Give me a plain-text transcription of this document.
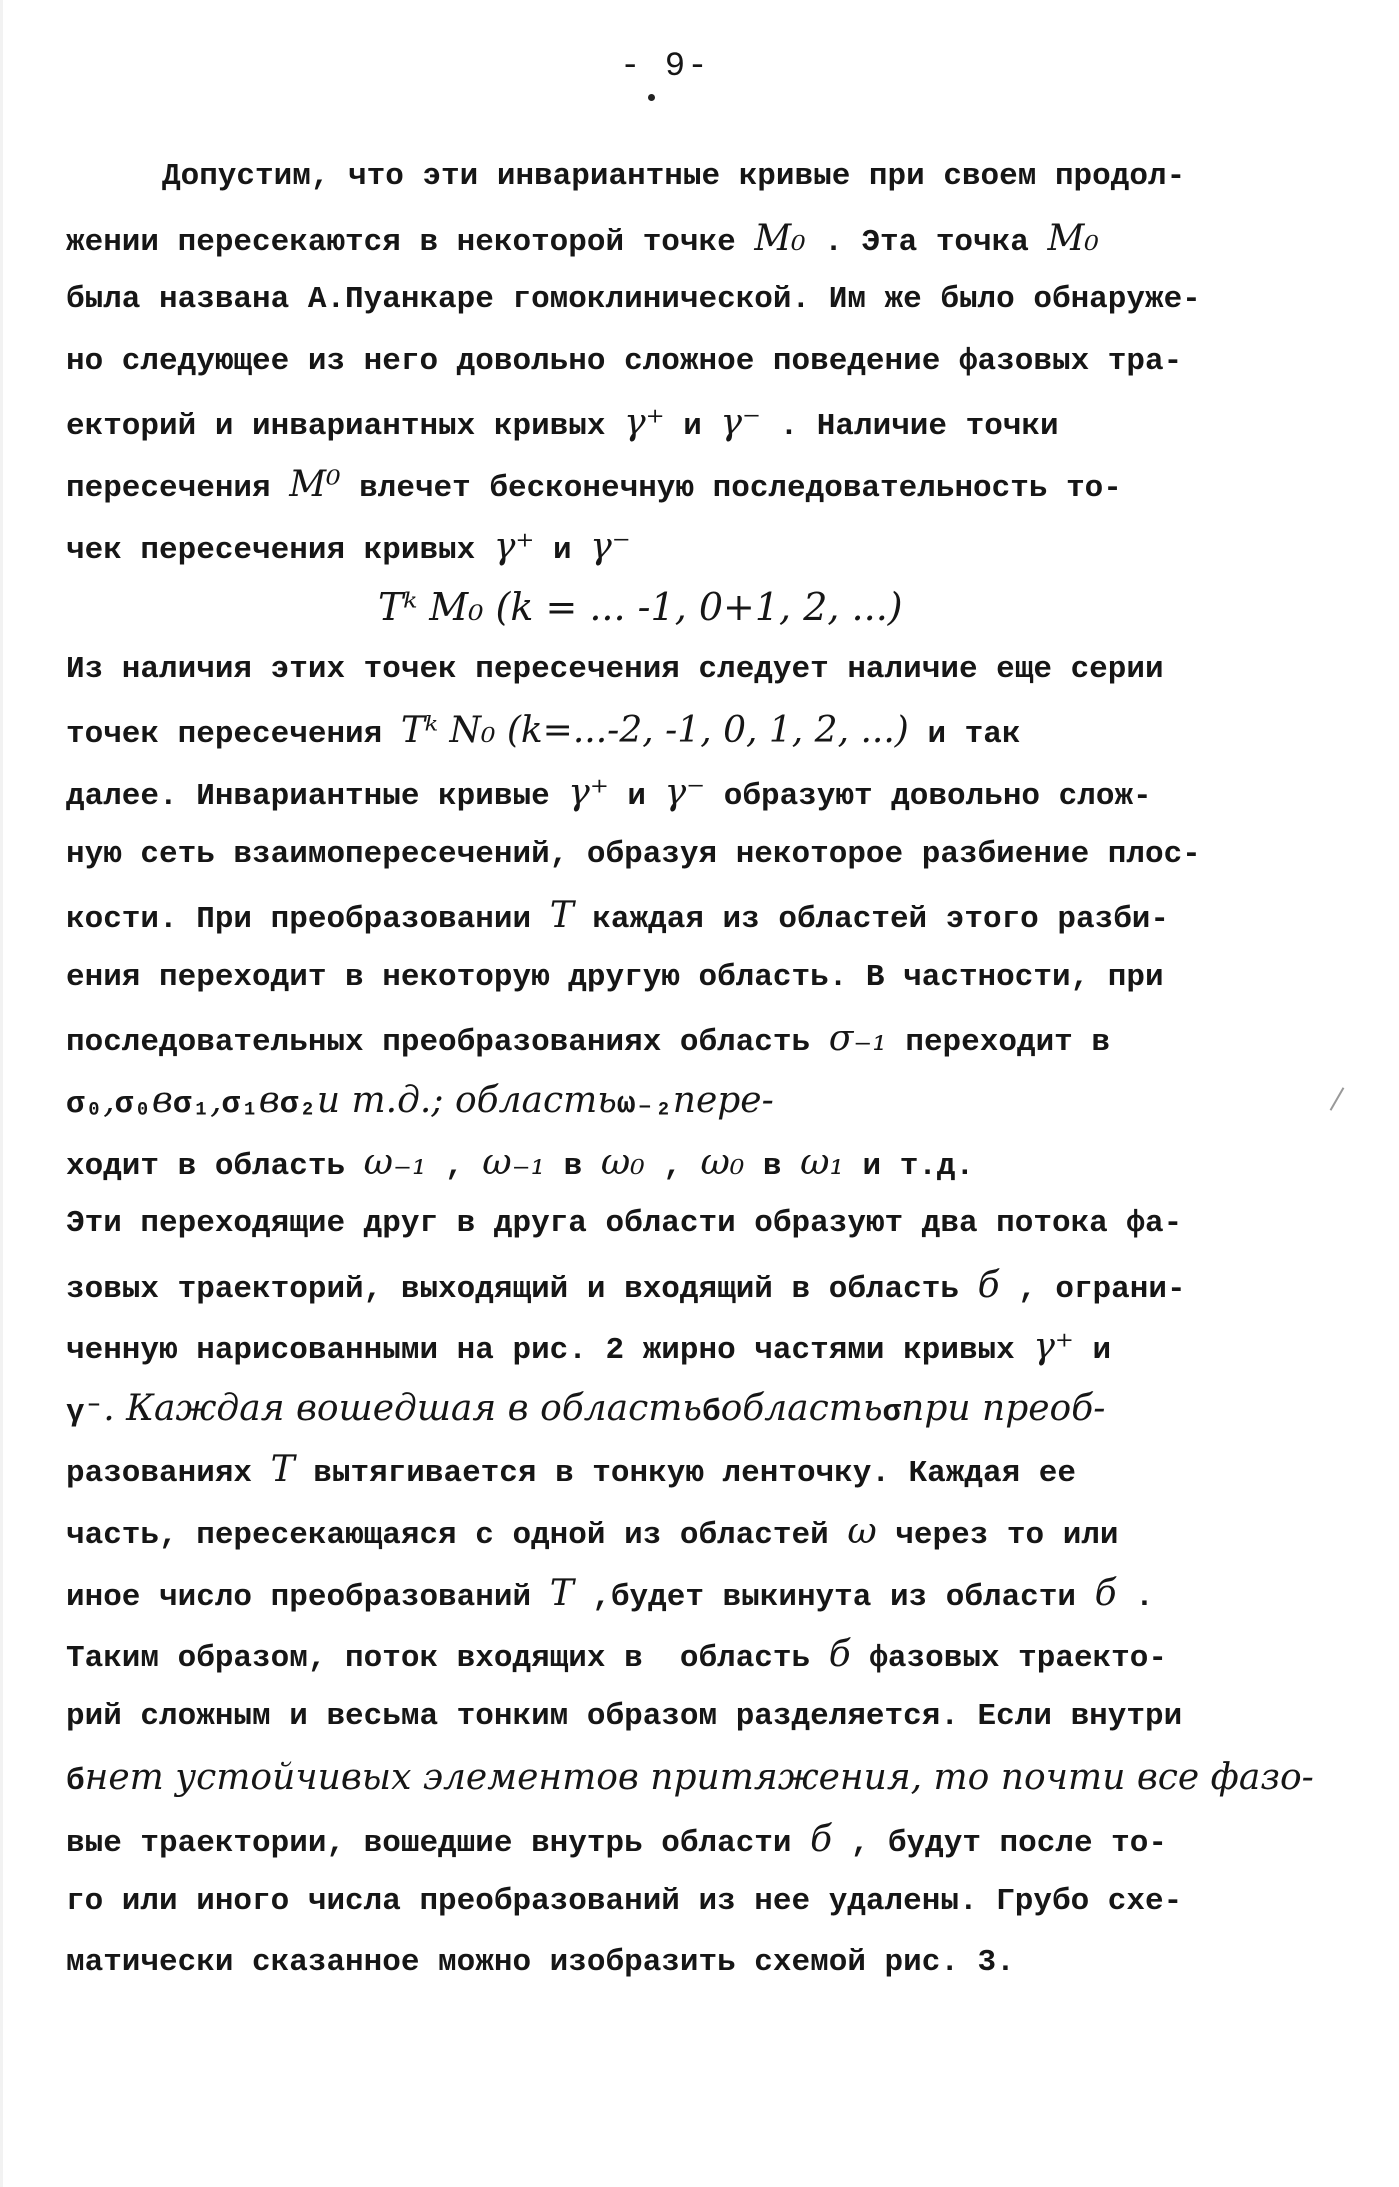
- 9-
Допустим, что эти инвариантные кривые при своем продол-
жении пересекаются в некоторой точке M₀ . Эта точка M₀
была названа А.Пуанкаре гомоклинической. Им же было обнаруже-
но следующее из него довольно сложное поведение фазовых тра-
екторий и инвариантных кривых γ⁺ и γ⁻ . Наличие точки
пересечения M⁰ влечет бесконечную последовательность то-
чек пересечения кривых γ⁺ и γ⁻
Tᵏ M₀ (k = ... -1, 0+1, 2, ...)
Из наличия этих точек пересечения следует наличие еще серии
точек пересечения Tᵏ N₀ (k=...-2, -1, 0, 1, 2, ...) и так
далее. Инвариантные кривые γ⁺ и γ⁻ образуют довольно слож-
ную сеть взаимопересечений, образуя некоторое разбиение плос-
кости. При преобразовании T каждая из областей этого разби-
ения переходит в некоторую другую область. В частности, при
последовательных преобразованиях область σ₋₁ переходит в
σ₀,σ₀вσ₁,σ₁вσ₂и т.д.; областьω₋₂пере-
ходит в область ω₋₁ , ω₋₁ в ω₀ , ω₀ в ω₁ и т.д.
Эти переходящие друг в друга области образуют два потока фа-
зовых траекторий, выходящий и входящий в область б , ограни-
ченную нарисованными на рис. 2 жирно частями кривых γ⁺ и
γ⁻. Каждая вошедшая в областьбобластьσпри преоб-
разованиях T вытягивается в тонкую ленточку. Каждая ее
часть, пересекающаяся с одной из областей ω через то или
иное число преобразований T ,будет выкинута из области б .
Таким образом, поток входящих в  область б фазовых траекто-
рий сложным и весьма тонким образом разделяется. Если внутри
бнет устойчивых элементов притяжения, то почти все фазо-
вые траектории, вошедшие внутрь области б , будут после то-
го или иного числа преобразований из нее удалены. Грубо схе-
матически сказанное можно изобразить схемой рис. 3.
